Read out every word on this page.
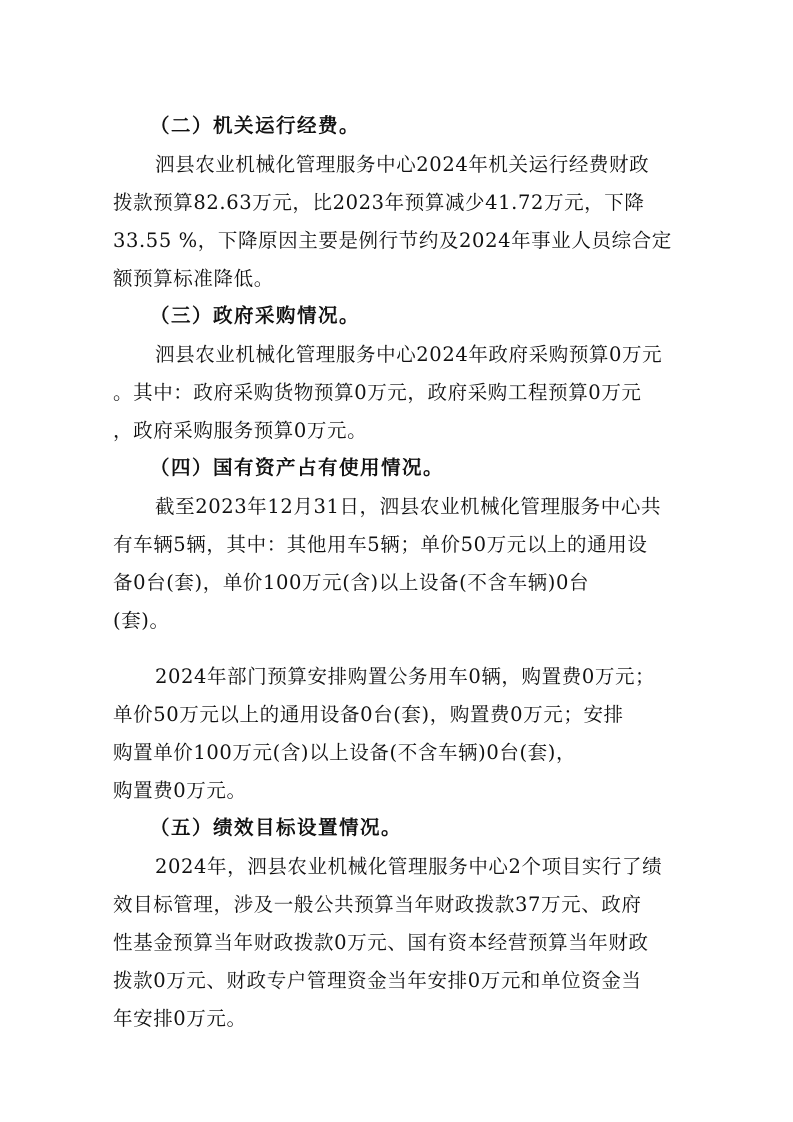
（二）机关运行经费。
泗县农业机械化管理服务中心2024年机关运行经费财政
拨款预算82.63万元，比2023年预算减少41.72万元，下降
33.55 %，下降原因主要是例行节约及2024年事业人员综合定
额预算标准降低。
（三）政府采购情况。
泗县农业机械化管理服务中心2024年政府采购预算0万元
。其中：政府采购货物预算0万元，政府采购工程预算0万元
，政府采购服务预算0万元。
（四）国有资产占有使用情况。
截至2023年12月31日，泗县农业机械化管理服务中心共
有车辆5辆，其中：其他用车5辆；单价50万元以上的通用设
备0台(套)，单价100万元(含)以上设备(不含车辆)0台
(套)。
2024年部门预算安排购置公务用车0辆，购置费0万元；
单价50万元以上的通用设备0台(套)，购置费0万元；安排
购置单价100万元(含)以上设备(不含车辆)0台(套)，
购置费0万元。
（五）绩效目标设置情况。
2024年，泗县农业机械化管理服务中心2个项目实行了绩
效目标管理，涉及一般公共预算当年财政拨款37万元、政府
性基金预算当年财政拨款0万元、国有资本经营预算当年财政
拨款0万元、财政专户管理资金当年安排0万元和单位资金当
年安排0万元。
